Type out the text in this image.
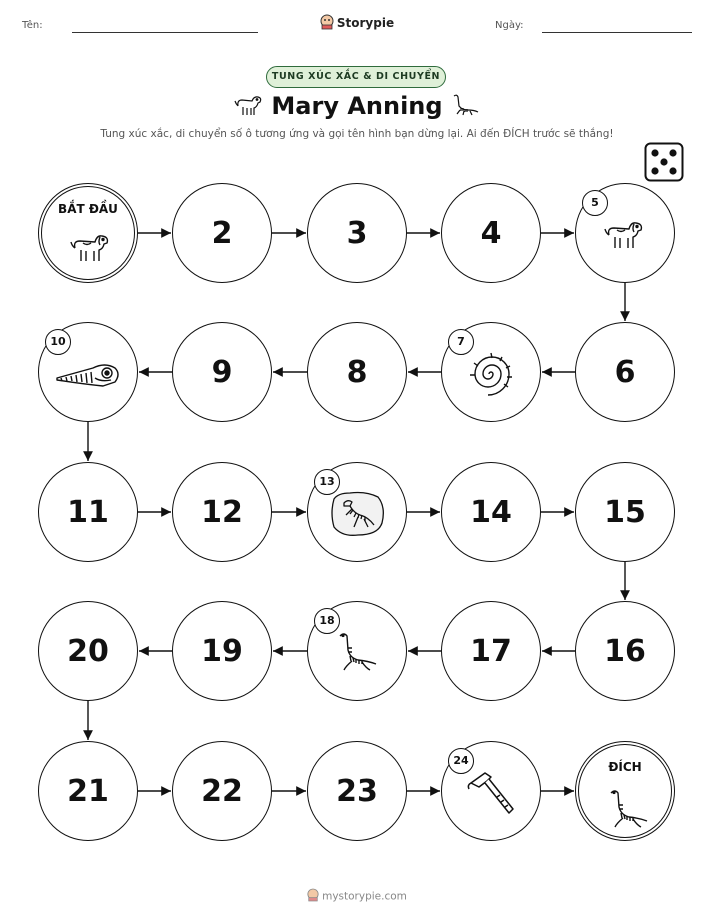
Tên:	Storypie	Ngày:
TUNG XÚC XẮC & DI CHUYỂN
Mary Anning
Tung xúc xắc, di chuyển số ô tương ứng và gọi tên hình bạn dừng lại. Ai đến ĐÍCH trước sẽ thắng!
BẮT ĐẦU
2	3	4
5
6
7
8
9
10
11	12
13
14	15
16
17
18
19
20
21	22	23
24	ĐÍCH
mystorypie.com
